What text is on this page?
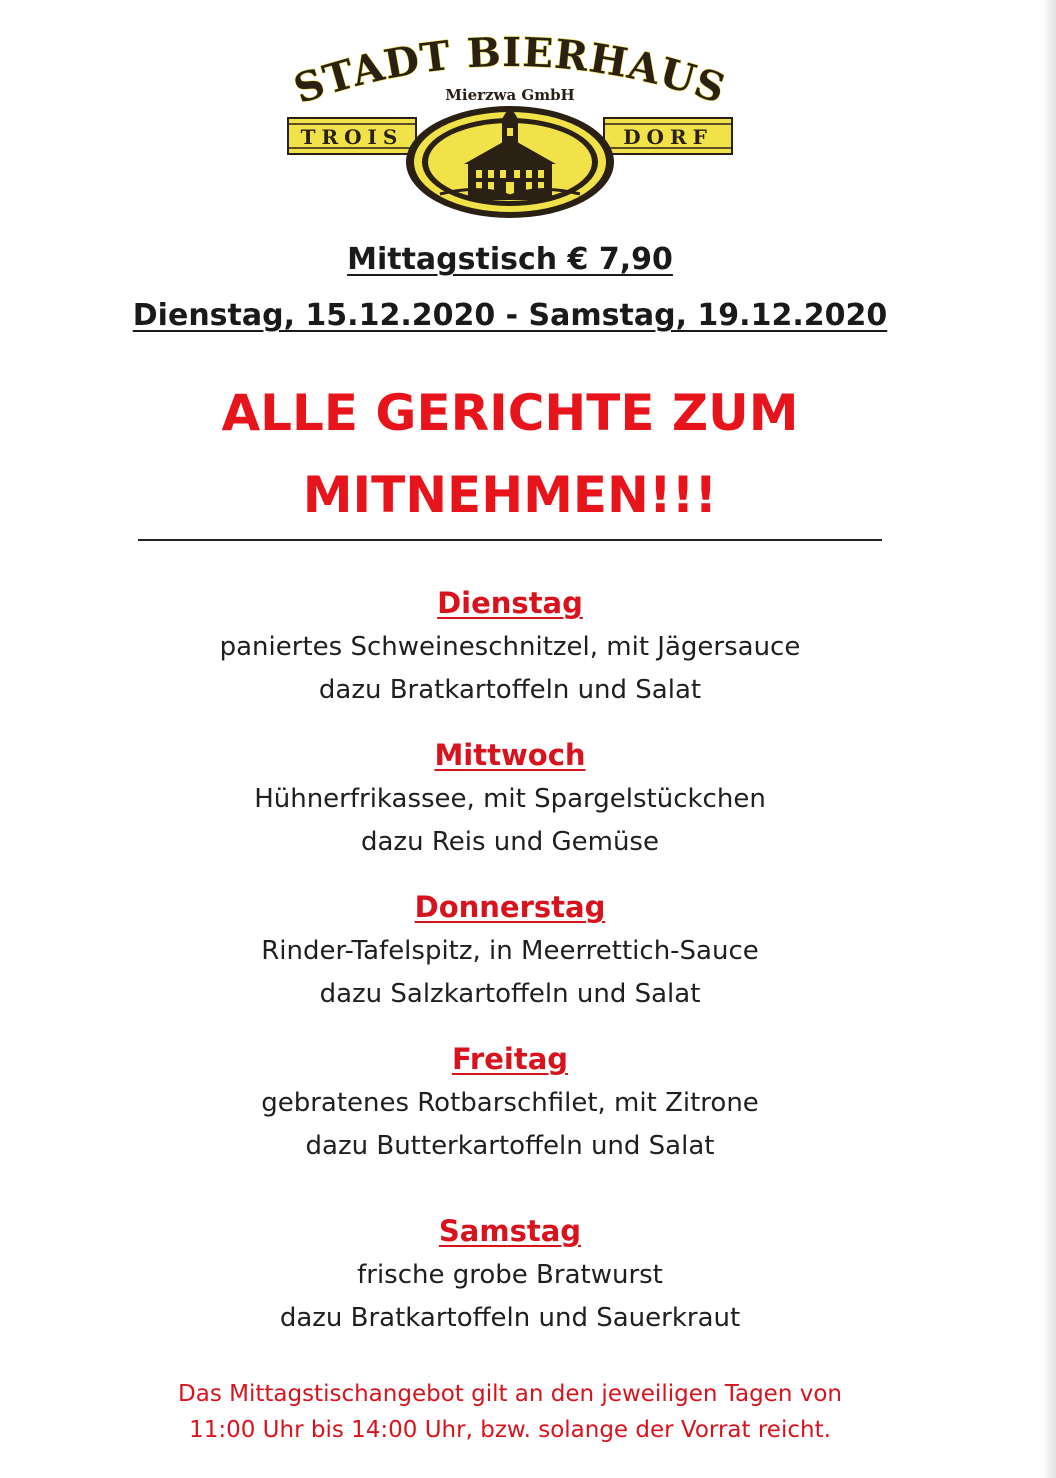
STADT BIERHAUS
Mierzwa GmbH
TROIS	DORF
Mittagstisch € 7,90
Dienstag, 15.12.2020 - Samstag, 19.12.2020
ALLE GERICHTE ZUM
MITNEHMEN!!!
Dienstag
paniertes Schweineschnitzel, mit Jägersauce
dazu Bratkartoffeln und Salat
Mittwoch
Hühnerfrikassee, mit Spargelstückchen
dazu Reis und Gemüse
Donnerstag
Rinder-Tafelspitz, in Meerrettich-Sauce
dazu Salzkartoffeln und Salat
Freitag
gebratenes Rotbarschfilet, mit Zitrone
dazu Butterkartoffeln und Salat
Samstag
frische grobe Bratwurst
dazu Bratkartoffeln und Sauerkraut
Das Mittagstischangebot gilt an den jeweiligen Tagen von
11:00 Uhr bis 14:00 Uhr, bzw. solange der Vorrat reicht.
